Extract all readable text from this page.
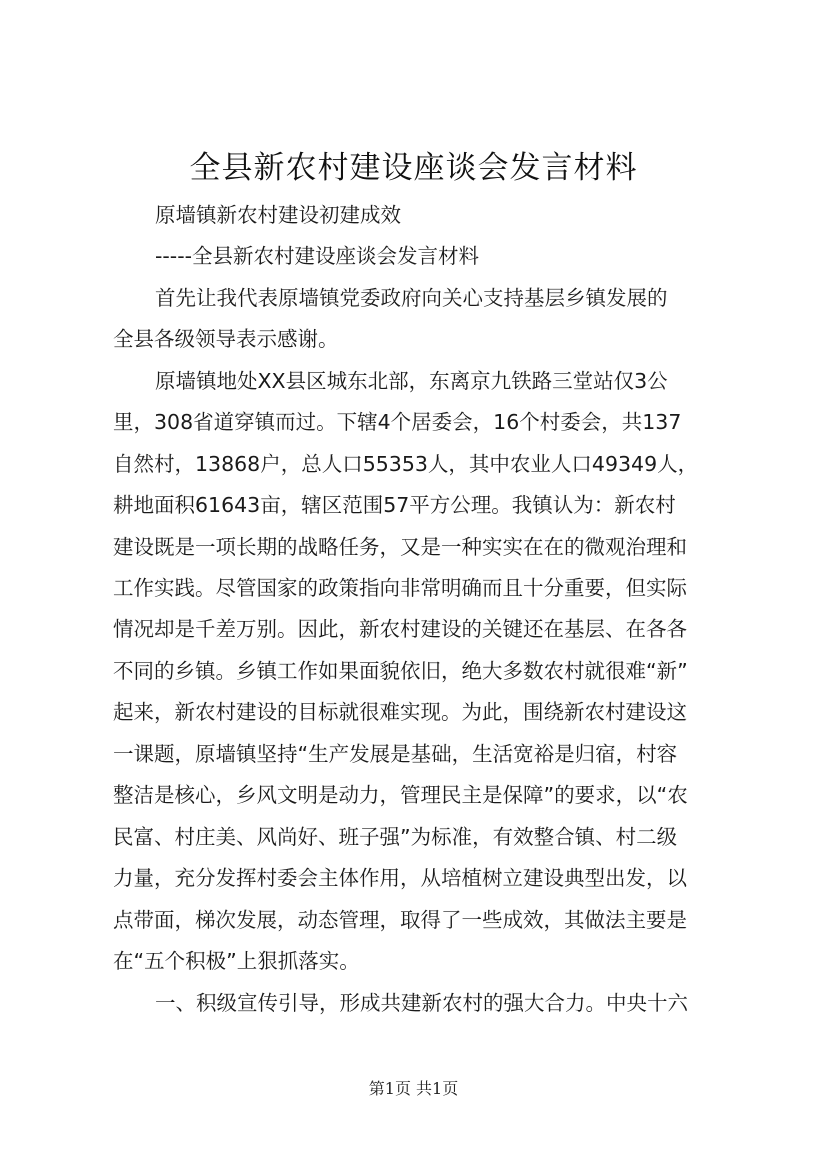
全县新农村建设座谈会发言材料
原墙镇新农村建设初建成效
-----全县新农村建设座谈会发言材料
首先让我代表原墙镇党委政府向关心支持基层乡镇发展的
全县各级领导表示感谢。
原墙镇地处XX县区城东北部，东离京九铁路三堂站仅3公
里，308省道穿镇而过。下辖4个居委会，16个村委会，共137
自然村，13868户，总人口55353人，其中农业人口49349人，
耕地面积61643亩，辖区范围57平方公理。我镇认为：新农村
建设既是一项长期的战略任务，又是一种实实在在的微观治理和
工作实践。尽管国家的政策指向非常明确而且十分重要，但实际
情况却是千差万别。因此，新农村建设的关键还在基层、在各各
不同的乡镇。乡镇工作如果面貌依旧，绝大多数农村就很难“新”
起来，新农村建设的目标就很难实现。为此，围绕新农村建设这
一课题，原墙镇坚持“生产发展是基础，生活宽裕是归宿，村容
整洁是核心，乡风文明是动力，管理民主是保障”的要求，以“农
民富、村庄美、风尚好、班子强”为标准，有效整合镇、村二级
力量，充分发挥村委会主体作用，从培植树立建设典型出发，以
点带面，梯次发展，动态管理，取得了一些成效，其做法主要是
在“五个积极”上狠抓落实。
一、积级宣传引导，形成共建新农村的强大合力。中央十六
第1页 共1页
